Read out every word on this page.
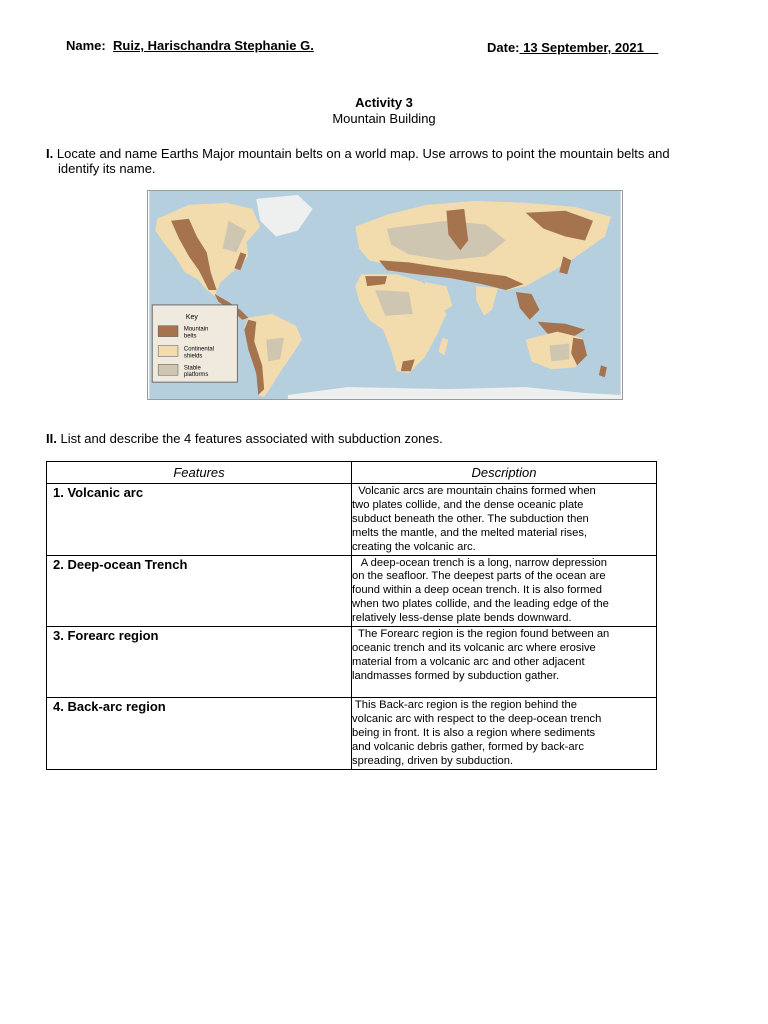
Name: Ruiz, Harischandra Stephanie G.	Date: 13 September, 2021
Activity 3
Mountain Building
I. Locate and name Earths Major mountain belts on a world map. Use arrows to point the mountain belts and
identify its name.
Key
Mountain
belts
Continental
shields
Stable
platforms
II. List and describe the 4 features associated with subduction zones.
Features	Description
1. Volcanic arc	Volcanic arcs are mountain chains formed when
two plates collide, and the dense oceanic plate
subduct beneath the other. The subduction then
melts the mantle, and the melted material rises,
creating the volcanic arc.

2. Deep-ocean Trench	A deep-ocean trench is a long, narrow depression
on the seafloor. The deepest parts of the ocean are
found within a deep ocean trench. It is also formed
when two plates collide, and the leading edge of the
relatively less-dense plate bends downward.

3. Forearc region	The Forearc region is the region found between an
oceanic trench and its volcanic arc where erosive
material from a volcanic arc and other adjacent
landmasses formed by subduction gather.

4. Back-arc region	This Back-arc region is the region behind the
volcanic arc with respect to the deep-ocean trench
being in front. It is also a region where sediments
and volcanic debris gather, formed by back-arc
spreading, driven by subduction.
